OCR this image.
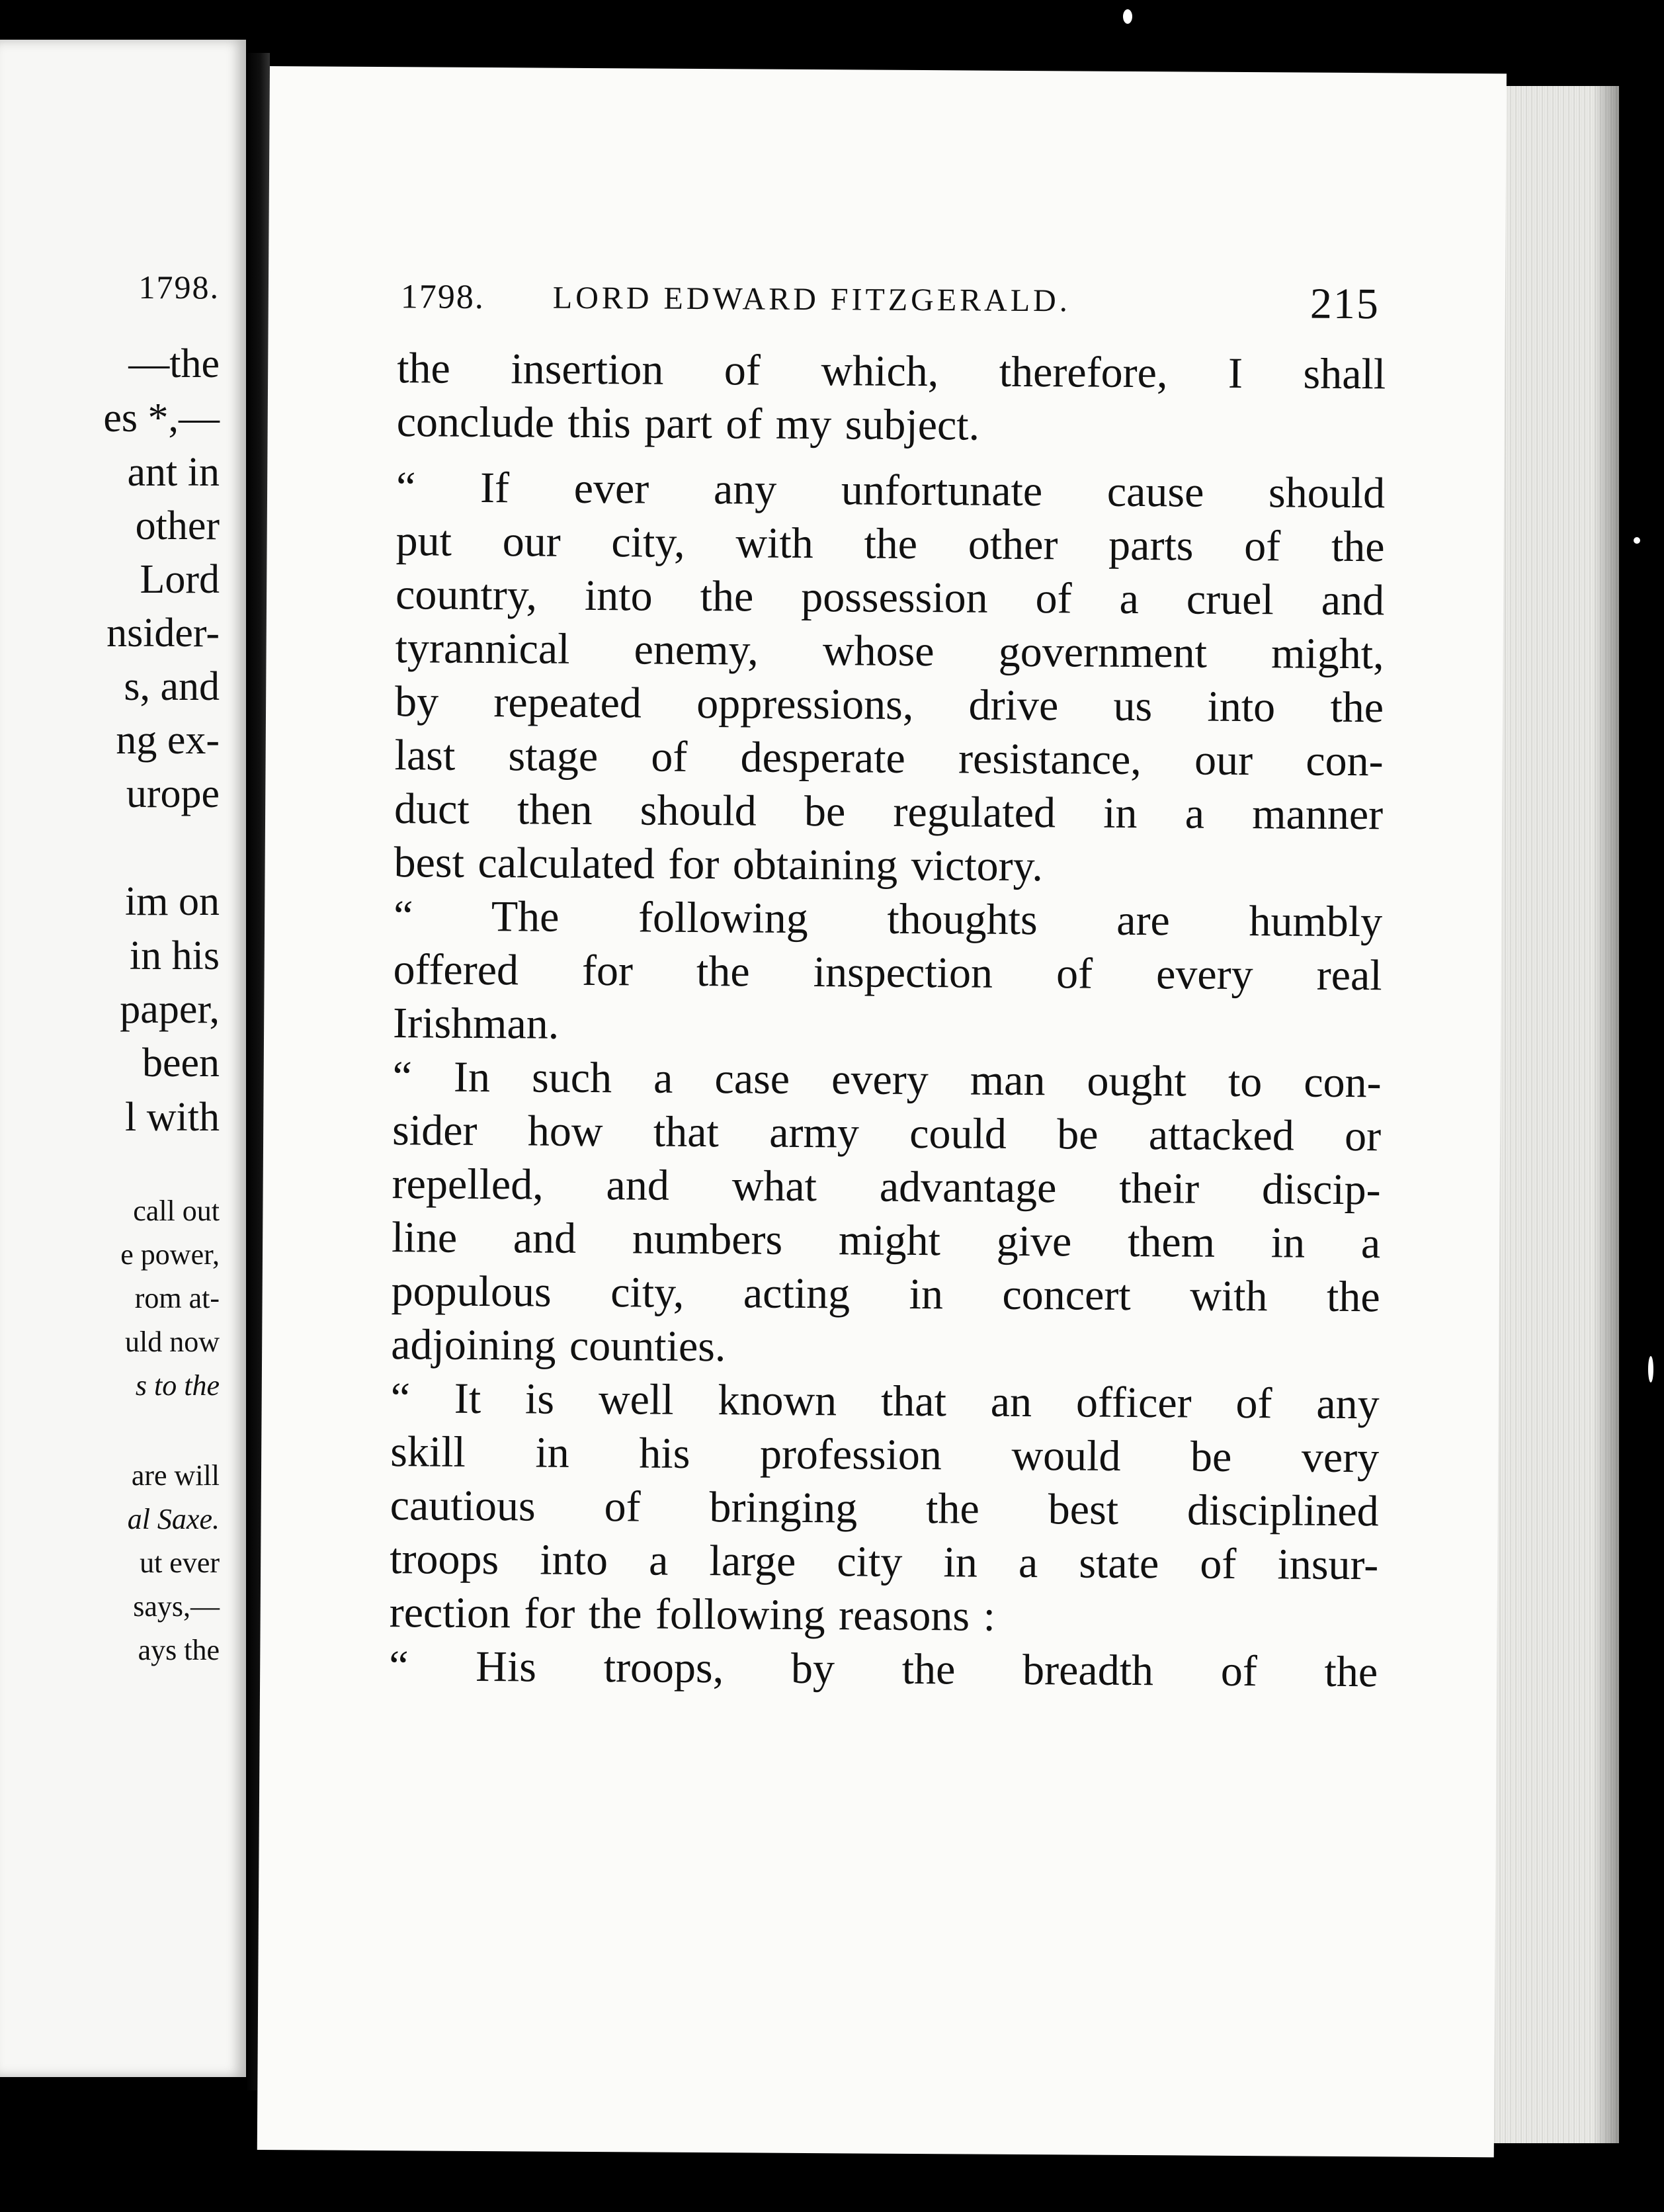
1798.
—the
es *,—
ant in
other
Lord
nsider-
s, and
ng ex-
urope
im on
in his
paper,
been
l with
call out
e power,
rom at-
uld now
s to the
are will
al Saxe.
ut ever
says,—
ays the
1798. LORD EDWARD FITZGERALD.	215
the insertion of which, therefore, I shall
conclude this part of my subject.
“ If ever any unfortunate cause should
put our city, with the other parts of the
country, into the possession of a cruel and
tyrannical enemy, whose government might,
by repeated oppressions, drive us into the
last stage of desperate resistance, our con-
duct then should be regulated in a manner
best calculated for obtaining victory.
“ The following thoughts are humbly
offered for the inspection of every real
Irishman.
“ In such a case every man ought to con-
sider how that army could be attacked or
repelled, and what advantage their discip-
line and numbers might give them in a
populous city, acting in concert with the
adjoining counties.
“ It is well known that an officer of any
skill in his profession would be very
cautious of bringing the best disciplined
troops into a large city in a state of insur-
rection for the following reasons :
“ His troops, by the breadth of the
